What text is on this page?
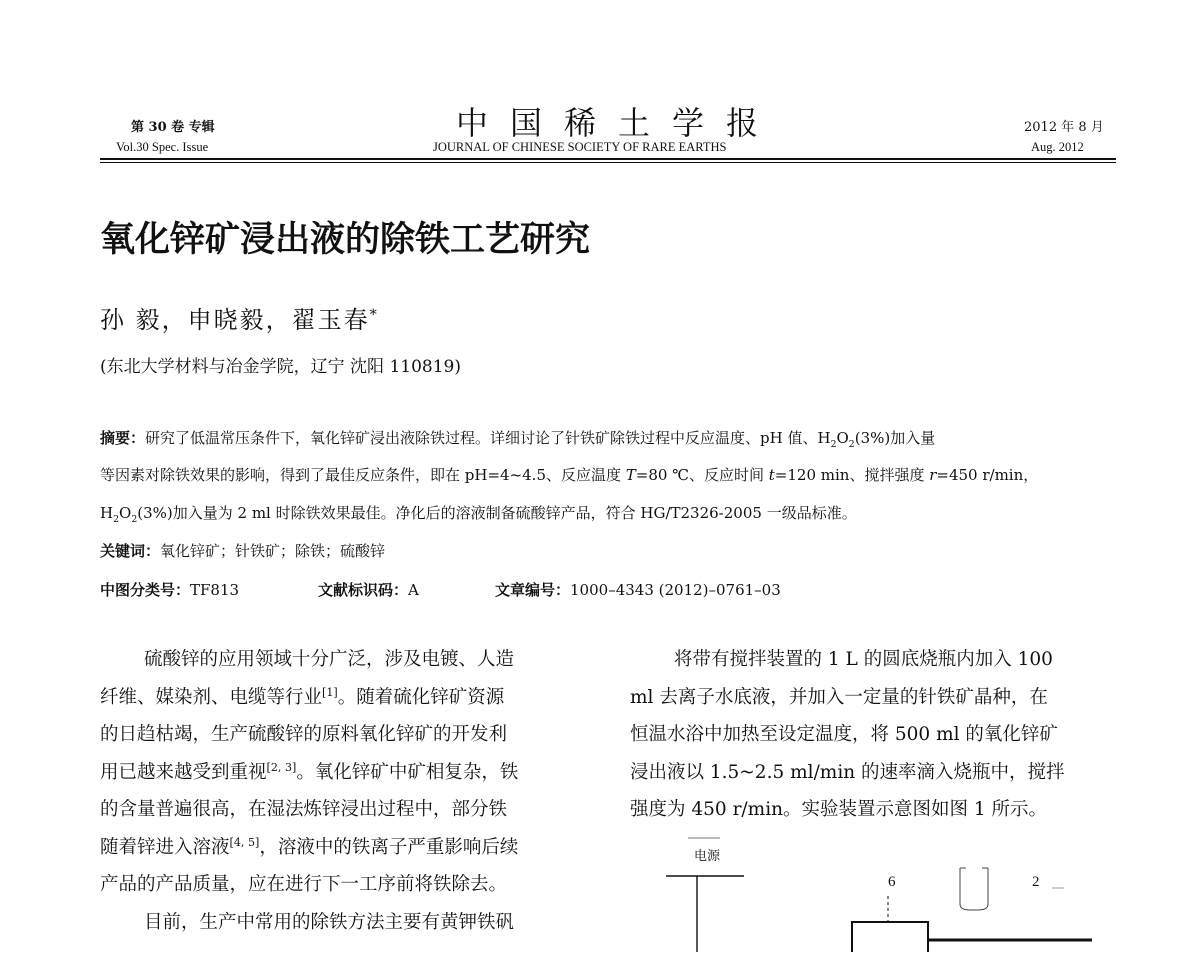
第 30 卷 专辑
Vol.30 Spec. Issue
中国稀土学报
JOURNAL OF CHINESE SOCIETY OF RARE EARTHS
2012 年 8 月
Aug. 2012
氧化锌矿浸出液的除铁工艺研究
孙 毅，申晓毅，翟玉春*
(东北大学材料与冶金学院，辽宁 沈阳 110819)
摘要：研究了低温常压条件下，氧化锌矿浸出液除铁过程。详细讨论了针铁矿除铁过程中反应温度、pH 值、$H_2O_2(3\%)$加入量
等因素对除铁效果的影响，得到了最佳反应条件，即在 pH=4~4.5、反应温度 T=80 ℃、反应时间 t=120 min、搅拌强度 r=450 r/min，
$H_2O_2(3\%)$加入量为 2 ml 时除铁效果最佳。净化后的溶液制备硫酸锌产品，符合 HG/T2326-2005 一级品标准。
关键词：氧化锌矿；针铁矿；除铁；硫酸锌
中图分类号：TF813	文献标识码：A	文章编号：1000–4343 (2012)–0761–03

硫酸锌的应用领域十分广泛，涉及电镀、人造

纤维、媒染剂、电缆等行业[1]。随着硫化锌矿资源

的日趋枯竭，生产硫酸锌的原料氧化锌矿的开发利

用已越来越受到重视[2, 3]。氧化锌矿中矿相复杂，铁

的含量普遍很高，在湿法炼锌浸出过程中，部分铁

随着锌进入溶液[4, 5]，溶液中的铁离子严重影响后续

产品的产品质量，应在进行下一工序前将铁除去。

目前，生产中常用的除铁方法主要有黄钾铁矾

将带有搅拌装置的 1 L 的圆底烧瓶内加入 100

ml 去离子水底液，并加入一定量的针铁矿晶种，在

恒温水浴中加热至设定温度，将 500 ml 的氧化锌矿

浸出液以 1.5~2.5 ml/min 的速率滴入烧瓶中，搅拌

强度为 450 r/min。实验装置示意图如图 1 所示。

电源
6	2
